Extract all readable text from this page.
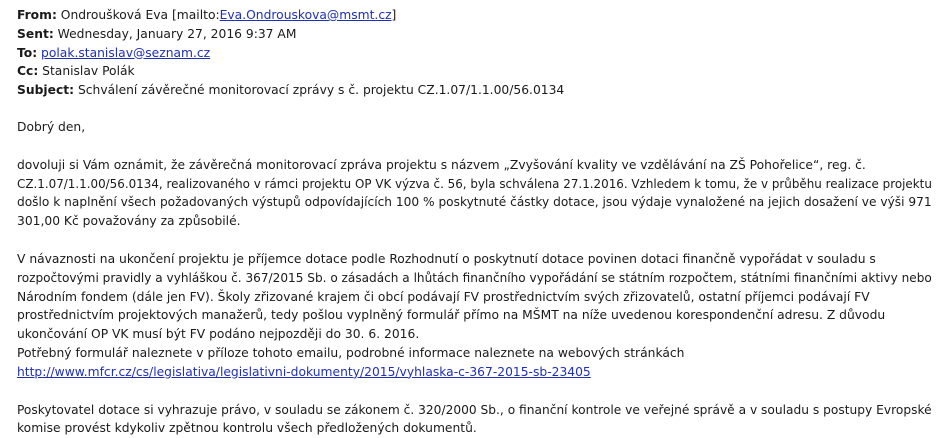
From: Ondroušková Eva [mailto:Eva.Ondrouskova@msmt.cz]
Sent: Wednesday, January 27, 2016 9:37 AM
To: polak.stanislav@seznam.cz
Cc: Stanislav Polák
Subject: Schválení závěrečné monitorovací zprávy s č. projektu CZ.1.07/1.1.00/56.0134
Dobrý den,
dovoluji si Vám oznámit, že závěrečná monitorovací zpráva projektu s názvem „Zvyšování kvality ve vzdělávání na ZŠ Pohořelice“, reg. č.
CZ.1.07/1.1.00/56.0134, realizovaného v rámci projektu OP VK výzva č. 56, byla schválena 27.1.2016. Vzhledem k tomu, že v průběhu realizace projektu
došlo k naplnění všech požadovaných výstupů odpovídajících 100 % poskytnuté částky dotace, jsou výdaje vynaložené na jejich dosažení ve výši 971
301,00 Kč považovány za způsobilé.
V návaznosti na ukončení projektu je příjemce dotace podle Rozhodnutí o poskytnutí dotace povinen dotaci finančně vypořádat v souladu s
rozpočtovými pravidly a vyhláškou č. 367/2015 Sb. o zásadách a lhůtách finančního vypořádání se státním rozpočtem, státními finančními aktivy nebo
Národním fondem (dále jen FV). Školy zřizované krajem či obcí podávají FV prostřednictvím svých zřizovatelů, ostatní příjemci podávají FV
prostřednictvím projektových manažerů, tedy pošlou vyplněný formulář přímo na MŠMT na níže uvedenou korespondenční adresu. Z důvodu
ukončování OP VK musí být FV podáno nejpozději do 30. 6. 2016.
Potřebný formulář naleznete v příloze tohoto emailu, podrobné informace naleznete na webových stránkách
http://www.mfcr.cz/cs/legislativa/legislativni-dokumenty/2015/vyhlaska-c-367-2015-sb-23405
Poskytovatel dotace si vyhrazuje právo, v souladu se zákonem č. 320/2000 Sb., o finanční kontrole ve veřejné správě a v souladu s postupy Evropské
komise provést kdykoliv zpětnou kontrolu všech předložených dokumentů.
